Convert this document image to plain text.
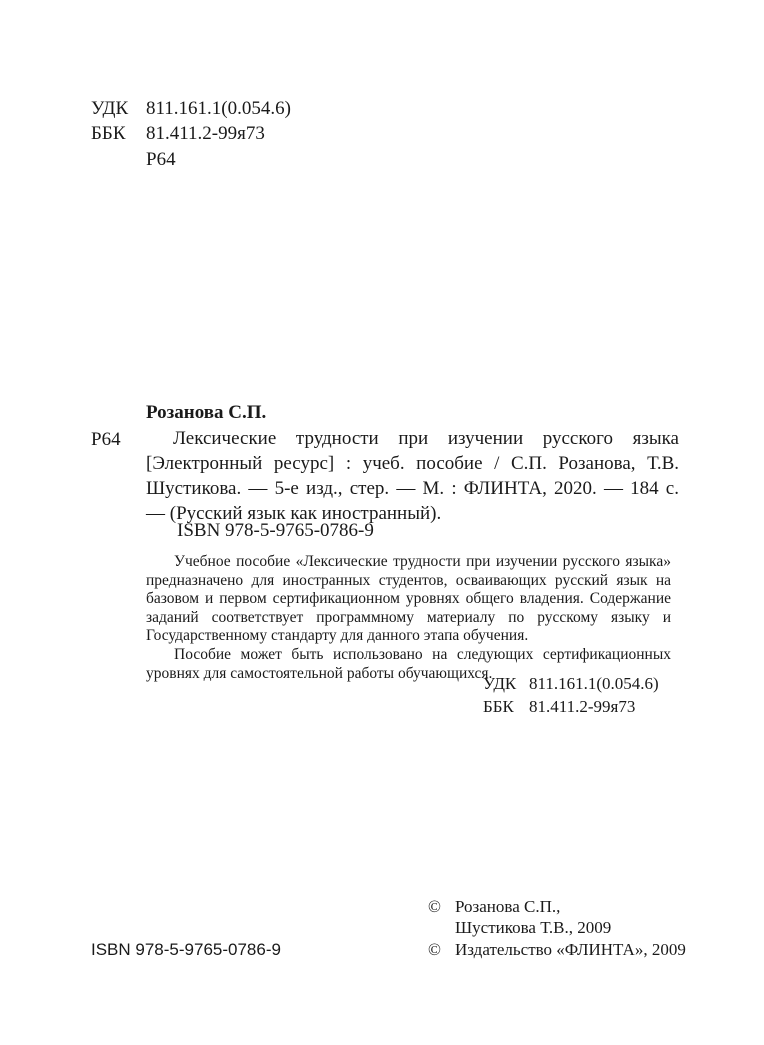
УДК 811.161.1(0.054.6)
ББК 81.411.2-99я73
Р64
Розанова С.П.
Р64	Лексические трудности при изучении русского языка
[Электронный ресурс] : учеб. пособие / С.П. Розанова, Т.В.
Шустикова. — 5-е изд., стер. — М. : ФЛИНТА, 2020. — 184 с.
— (Русский язык как иностранный).
ISBN 978-5-9765-0786-9

Учебное пособие «Лексические трудности при изучении русского языка» предназначено для иностранных студентов, осваивающих русский язык на базовом и первом сертификационном уровнях общего владения. Содержание заданий соответствует программному материалу по русскому языку и Государственному стандарту для данного этапа обучения.

Пособие может быть использовано на следующих сертификационных уровнях для самостоятельной работы обучающихся.

УДК 811.161.1(0.054.6)
ББК 81.411.2-99я73
© Розанова С.П.,
Шустикова Т.В., 2009
© Издательство «ФЛИНТА», 2009
ISBN 978-5-9765-0786-9
